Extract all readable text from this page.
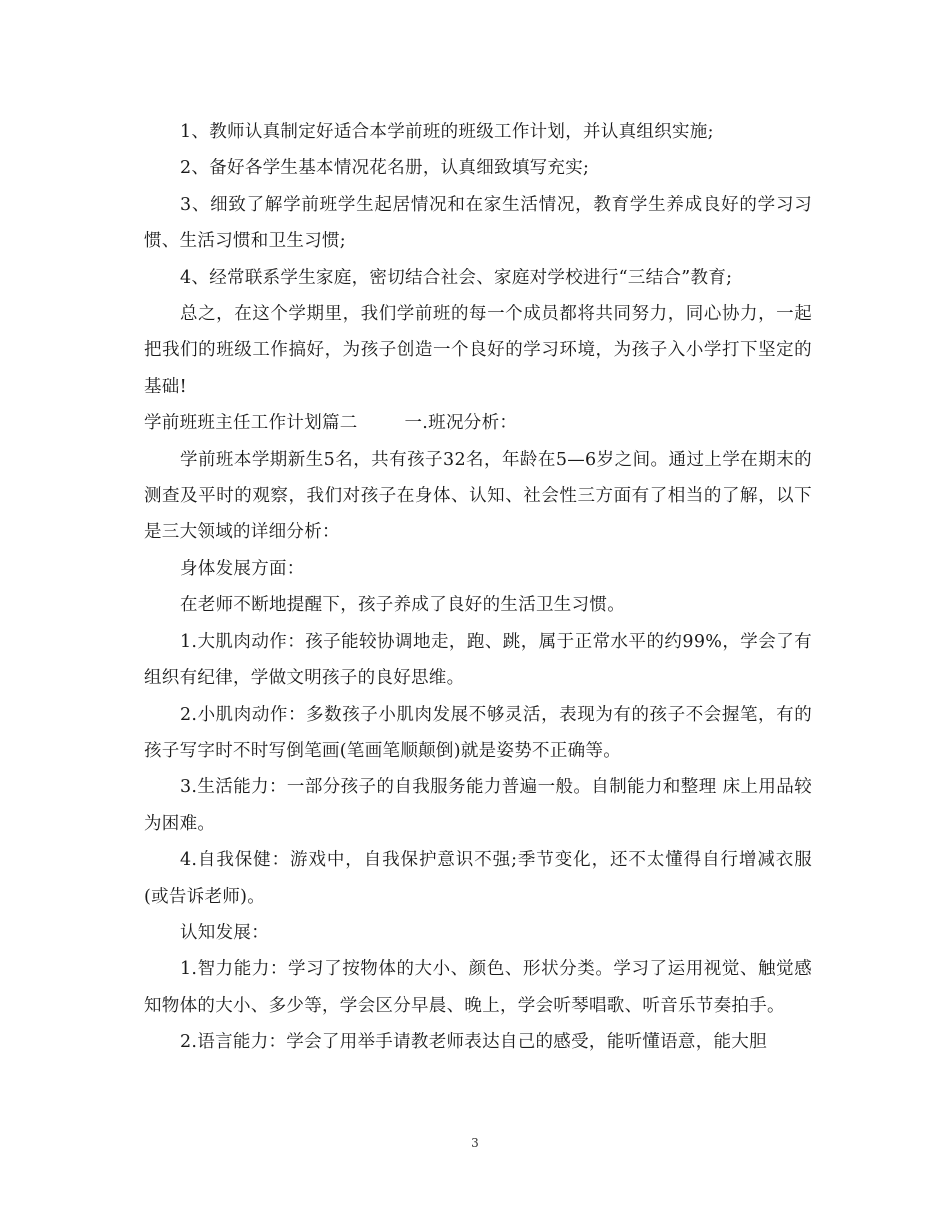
1、教师认真制定好适合本学前班的班级工作计划，并认真组织实施;

2、备好各学生基本情况花名册，认真细致填写充实;

3、细致了解学前班学生起居情况和在家生活情况，教育学生养成良好的学习习惯、生活习惯和卫生习惯;

4、经常联系学生家庭，密切结合社会、家庭对学校进行“三结合”教育;

总之，在这个学期里，我们学前班的每一个成员都将共同努力，同心协力，一起把我们的班级工作搞好，为孩子创造一个良好的学习环境，为孩子入小学打下坚定的基础!

学前班班主任工作计划篇二        一.班况分析：

学前班本学期新生5名，共有孩子32名，年龄在5—6岁之间。通过上学在期末的测查及平时的观察，我们对孩子在身体、认知、社会性三方面有了相当的了解，以下是三大领域的详细分析：

身体发展方面：

在老师不断地提醒下，孩子养成了良好的生活卫生习惯。

1.大肌肉动作：孩子能较协调地走，跑、跳，属于正常水平的约99%，学会了有组织有纪律，学做文明孩子的良好思维。

2.小肌肉动作：多数孩子小肌肉发展不够灵活，表现为有的孩子不会握笔，有的孩子写字时不时写倒笔画(笔画笔顺颠倒)就是姿势不正确等。

3.生活能力：一部分孩子的自我服务能力普遍一般。自制能力和整理 床上用品较为困难。

4.自我保健：游戏中，自我保护意识不强;季节变化，还不太懂得自行增减衣服(或告诉老师)。

认知发展：

1.智力能力：学习了按物体的大小、颜色、形状分类。学习了运用视觉、触觉感知物体的大小、多少等，学会区分早晨、晚上，学会听琴唱歌、听音乐节奏拍手。

2.语言能力：学会了用举手请教老师表达自己的感受，能听懂语意，能大胆

3
